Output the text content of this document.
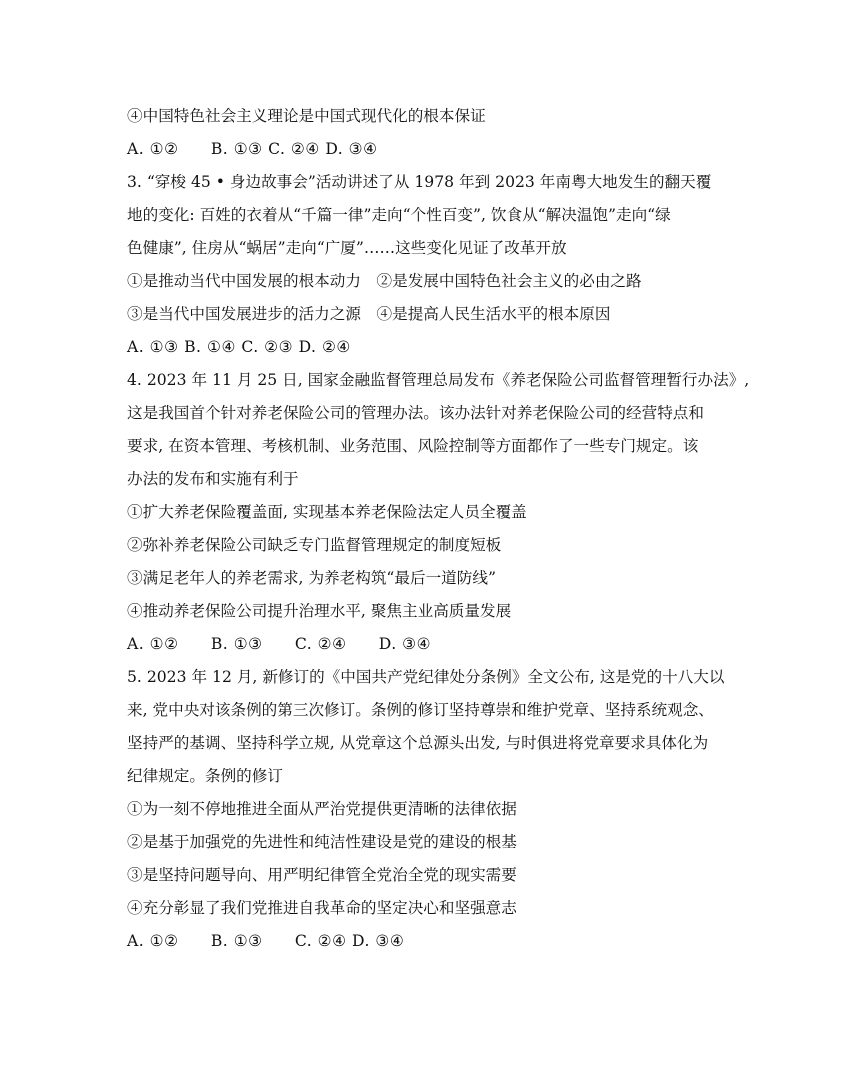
④中国特色社会主义理论是中国式现代化的根本保证
A. ①②　　B. ①③ C. ②④ D. ③④
3. “穿梭 45 • 身边故事会”活动讲述了从 1978 年到 2023 年南粤大地发生的翻天覆
地的变化: 百姓的衣着从“千篇一律”走向“个性百变”, 饮食从“解决温饱”走向“绿
色健康”, 住房从“蜗居”走向“广厦”……这些变化见证了改革开放
①是推动当代中国发展的根本动力　②是发展中国特色社会主义的必由之路
③是当代中国发展进步的活力之源　④是提高人民生活水平的根本原因
A. ①③ B. ①④ C. ②③ D. ②④
4. 2023 年 11 月 25 日, 国家金融监督管理总局发布《养老保险公司监督管理暂行办法》,
这是我国首个针对养老保险公司的管理办法。该办法针对养老保险公司的经营特点和
要求, 在资本管理、考核机制、业务范围、风险控制等方面都作了一些专门规定。该
办法的发布和实施有利于
①扩大养老保险覆盖面, 实现基本养老保险法定人员全覆盖
②弥补养老保险公司缺乏专门监督管理规定的制度短板
③满足老年人的养老需求, 为养老构筑“最后一道防线”
④推动养老保险公司提升治理水平, 聚焦主业高质量发展
A. ①②　　B. ①③　　C. ②④　　D. ③④
5. 2023 年 12 月, 新修订的《中国共产党纪律处分条例》全文公布, 这是党的十八大以
来, 党中央对该条例的第三次修订。条例的修订坚持尊崇和维护党章、坚持系统观念、
坚持严的基调、坚持科学立规, 从党章这个总源头出发, 与时俱进将党章要求具体化为
纪律规定。条例的修订
①为一刻不停地推进全面从严治党提供更清晰的法律依据
②是基于加强党的先进性和纯洁性建设是党的建设的根基
③是坚持问题导向、用严明纪律管全党治全党的现实需要
④充分彰显了我们党推进自我革命的坚定决心和坚强意志
A. ①②　　B. ①③　　C. ②④ D. ③④
